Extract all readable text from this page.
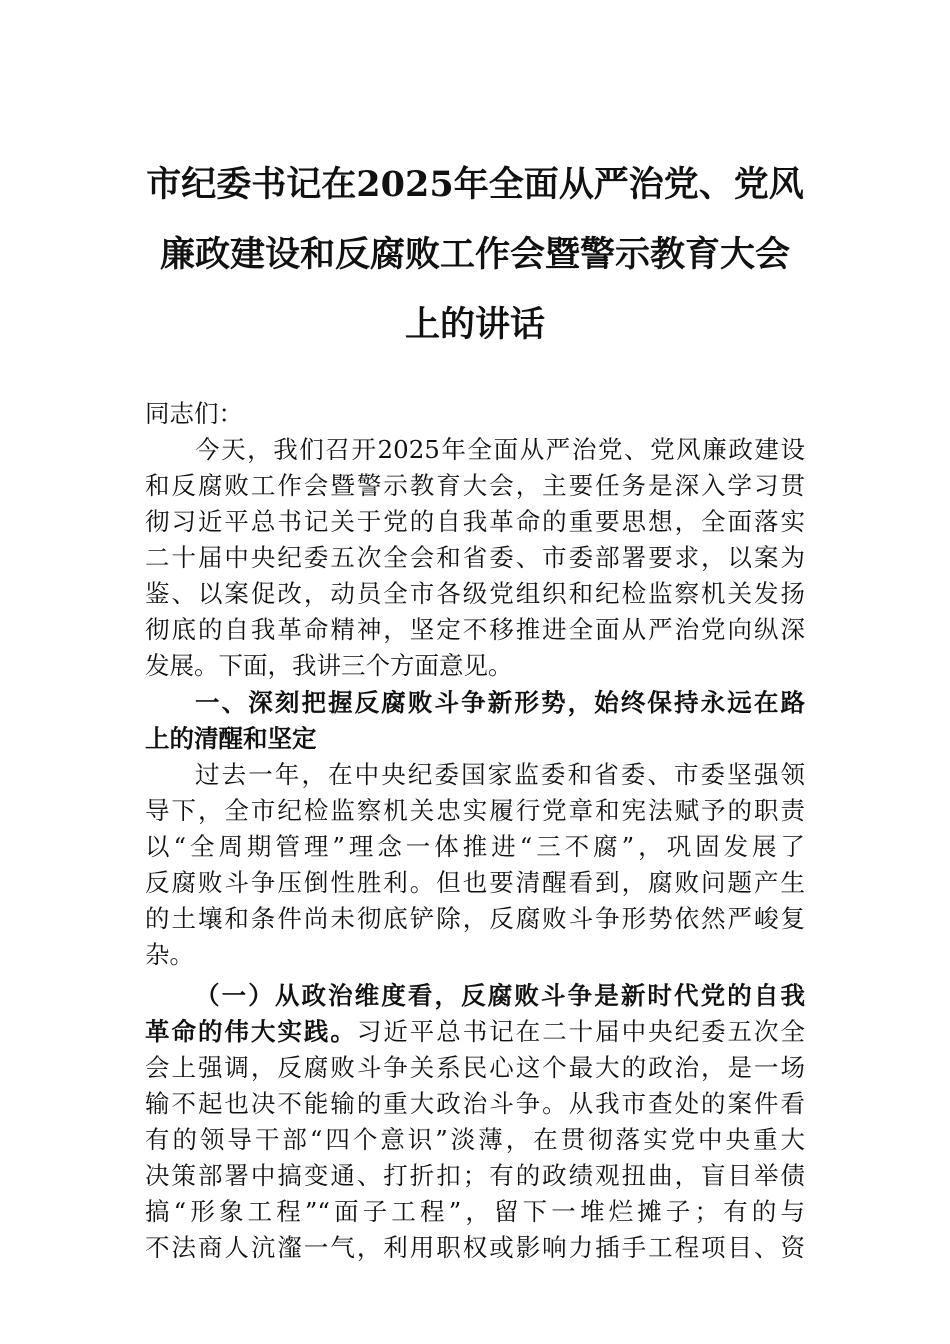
市纪委书记在2025年全面从严治党、党风
廉政建设和反腐败工作会暨警示教育大会
上的讲话
同志们：
今天，我们召开2025年全面从严治党、党风廉政建设
和反腐败工作会暨警示教育大会，主要任务是深入学习贯
彻习近平总书记关于党的自我革命的重要思想，全面落实
二十届中央纪委五次全会和省委、市委部署要求，以案为
鉴、以案促改，动员全市各级党组织和纪检监察机关发扬
彻底的自我革命精神，坚定不移推进全面从严治党向纵深
发展。下面，我讲三个方面意见。
一、深刻把握反腐败斗争新形势，始终保持永远在路
上的清醒和坚定
过去一年，在中央纪委国家监委和省委、市委坚强领
导下，全市纪检监察机关忠实履行党章和宪法赋予的职责
以“全周期管理”理念一体推进“三不腐”，巩固发展了
反腐败斗争压倒性胜利。但也要清醒看到，腐败问题产生
的土壤和条件尚未彻底铲除，反腐败斗争形势依然严峻复
杂。
（一）从政治维度看，反腐败斗争是新时代党的自我
革命的伟大实践。习近平总书记在二十届中央纪委五次全
会上强调，反腐败斗争关系民心这个最大的政治，是一场
输不起也决不能输的重大政治斗争。从我市查处的案件看
有的领导干部“四个意识”淡薄，在贯彻落实党中央重大
决策部署中搞变通、打折扣；有的政绩观扭曲，盲目举债
搞“形象工程”“面子工程”，留下一堆烂摊子；有的与
不法商人沆瀣一气，利用职权或影响力插手工程项目、资
